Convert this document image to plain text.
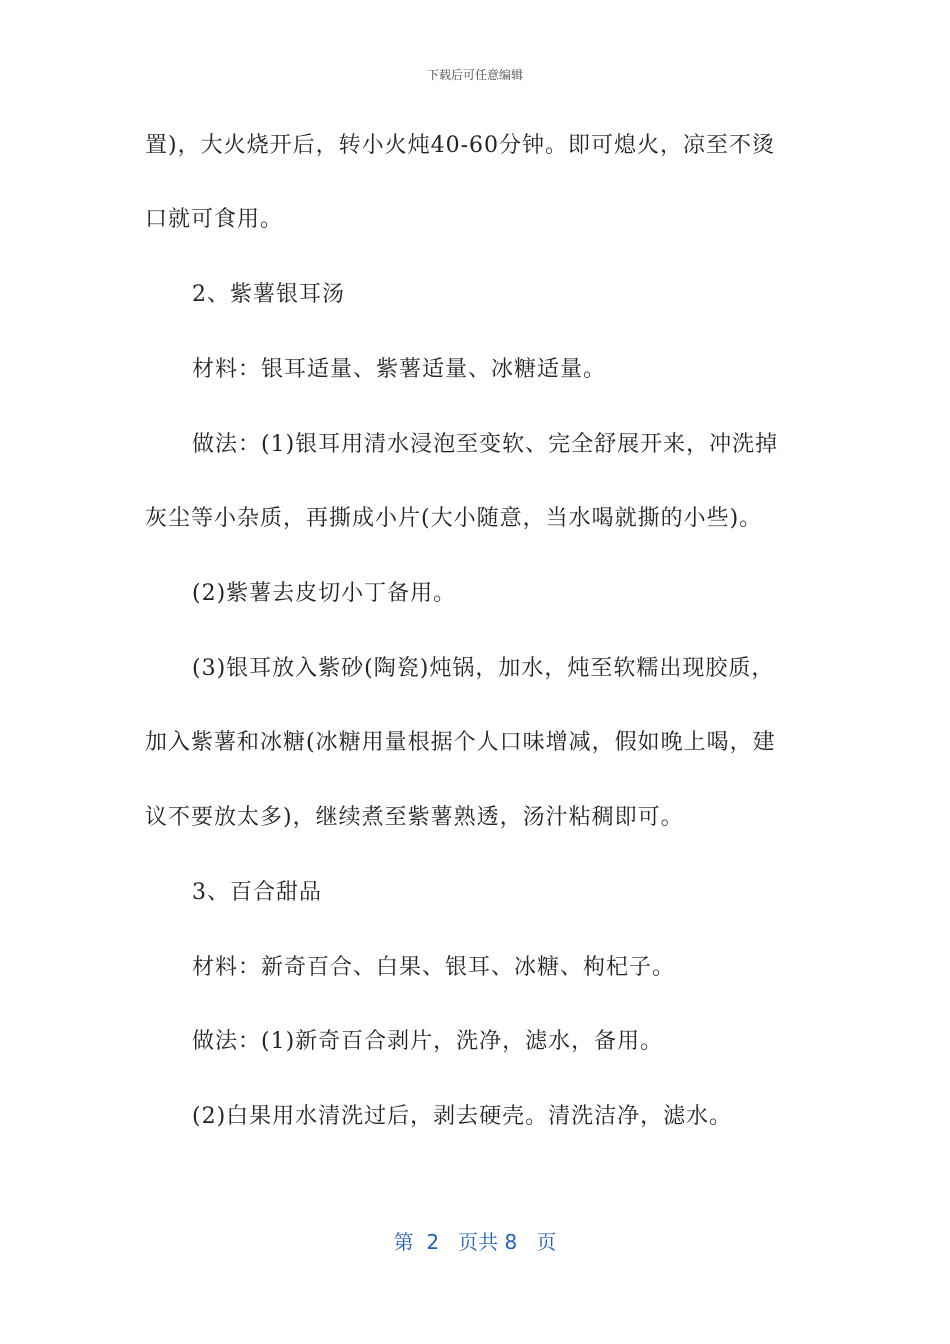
下载后可任意编辑
置)，大火烧开后，转小火炖40-60分钟。即可熄火，凉至不烫
口就可食用。
2、紫薯银耳汤
材料：银耳适量、紫薯适量、冰糖适量。
做法：(1)银耳用清水浸泡至变软、完全舒展开来，冲洗掉
灰尘等小杂质，再撕成小片(大小随意，当水喝就撕的小些)。
(2)紫薯去皮切小丁备用。
(3)银耳放入紫砂(陶瓷)炖锅，加水，炖至软糯出现胶质，
加入紫薯和冰糖(冰糖用量根据个人口味增减，假如晚上喝，建
议不要放太多)，继续煮至紫薯熟透，汤汁粘稠即可。
3、百合甜品
材料：新奇百合、白果、银耳、冰糖、枸杞子。
做法：(1)新奇百合剥片，洗净，滤水，备用。
(2)白果用水清洗过后，剥去硬壳。清洗洁净，滤水。
第  2   页共 8   页
